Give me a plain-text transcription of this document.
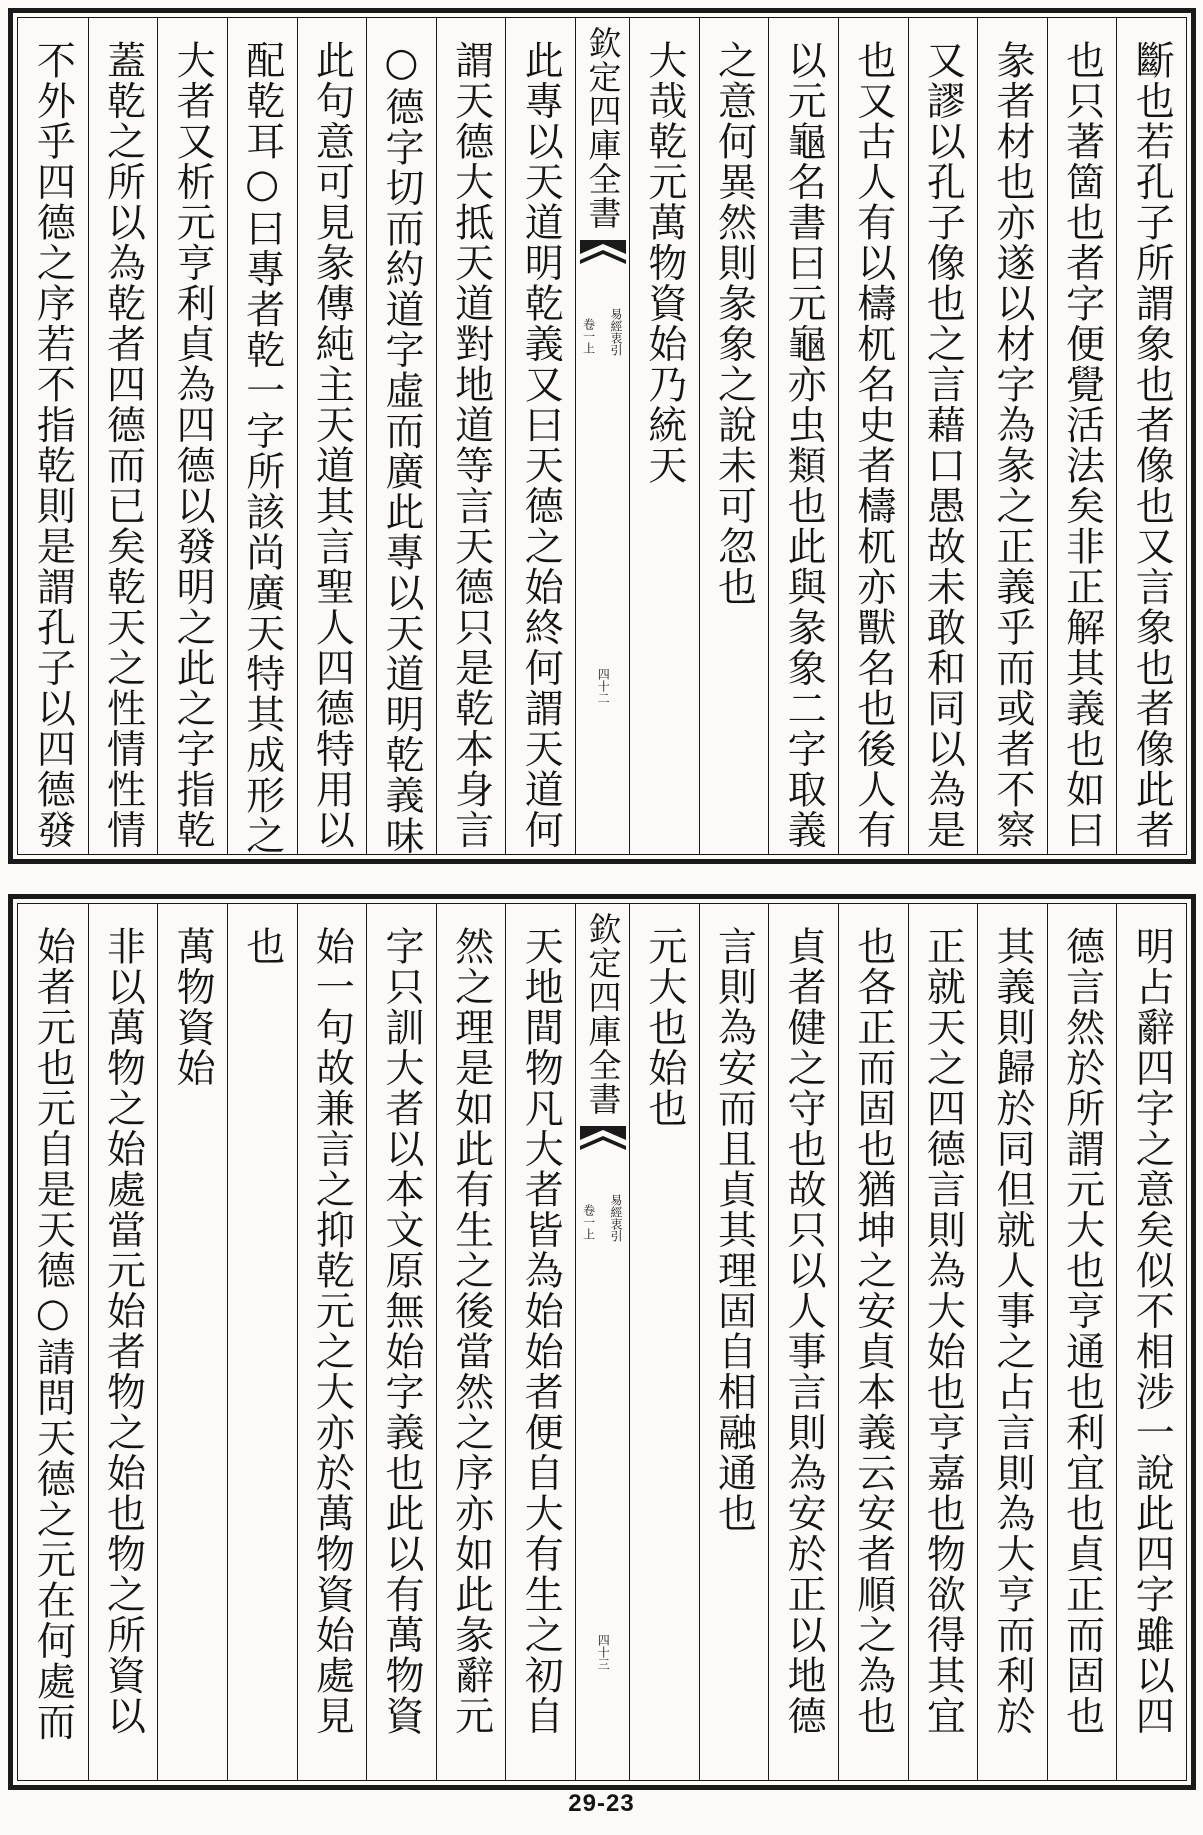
此專以天道明乾義又曰天德之始終何謂天道何
謂天德大抵天道對地道等言天德只是乾本身言
○德字切而約道字虛而廣此專以天道明乾義味
此句意可見彖傳純主天道其言聖人四德特用以
配乾耳○曰專者乾一字所該尚廣天特其成形之
大者又析元亨利貞為四德以發明之此之字指乾
蓋乾之所以為乾者四德而已矣乾天之性情性情
不外乎四德之序若不指乾則是謂孔子以四德發	欽定四庫全書
易經衷引
卷一上
四十二	斷也若孔子所謂象也者像也又言象也者像此者
也只著箇也者字便覺活法矣非正解其義也如曰
彖者材也亦遂以材字為彖之正義乎而或者不察
又謬以孔子像也之言藉口愚故未敢和同以為是
也又古人有以檮杌名史者檮杌亦獸名也後人有
以元龜名書曰元龜亦虫類也此與彖象二字取義
之意何異然則彖象之說未可忽也
大哉乾元萬物資始乃統天
天地間物凡大者皆為始始者便自大有生之初自
然之理是如此有生之後當然之序亦如此彖辭元
字只訓大者以本文原無始字義也此以有萬物資
始一句故兼言之抑乾元之大亦於萬物資始處見
也
萬物資始
非以萬物之始處當元始者物之始也物之所資以
始者元也元自是天德○請問天德之元在何處而	欽定四庫全書
易經衷引
卷一上
四十三	明占辭四字之意矣似不相涉一說此四字雖以四
德言然於所謂元大也亨通也利宜也貞正而固也
其義則歸於同但就人事之占言則為大亨而利於
正就天之四德言則為大始也亨嘉也物欲得其宜
也各正而固也猶坤之安貞本義云安者順之為也
貞者健之守也故只以人事言則為安於正以地德
言則為安而且貞其理固自相融通也
元大也始也
29-23
